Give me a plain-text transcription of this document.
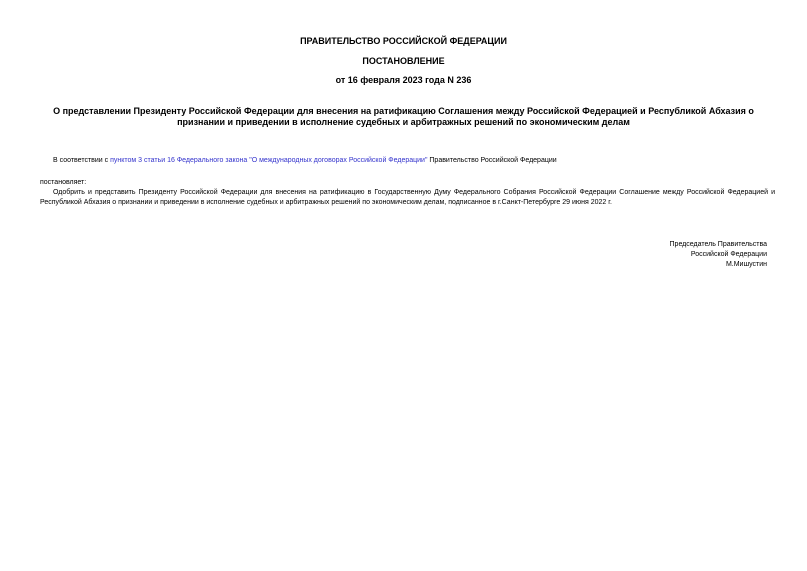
ПРАВИТЕЛЬСТВО РОССИЙСКОЙ ФЕДЕРАЦИИ
ПОСТАНОВЛЕНИЕ
от 16 февраля 2023 года N 236
О представлении Президенту Российской Федерации для внесения на ратификацию Соглашения между Российской Федерацией и Республикой Абхазия о признании и приведении в исполнение судебных и арбитражных решений по экономическим делам
В соответствии с пунктом 3 статьи 16 Федерального закона "О международных договорах Российской Федерации" Правительство Российской Федерации
постановляет:
Одобрить и представить Президенту Российской Федерации для внесения на ратификацию в Государственную Думу Федерального Собрания Российской Федерации Соглашение между Российской Федерацией и Республикой Абхазия о признании и приведении в исполнение судебных и арбитражных решений по экономическим делам, подписанное в г.Санкт-Петербурге 29 июня 2022 г.
Председатель Правительства
Российской Федерации
М.Мишустин
